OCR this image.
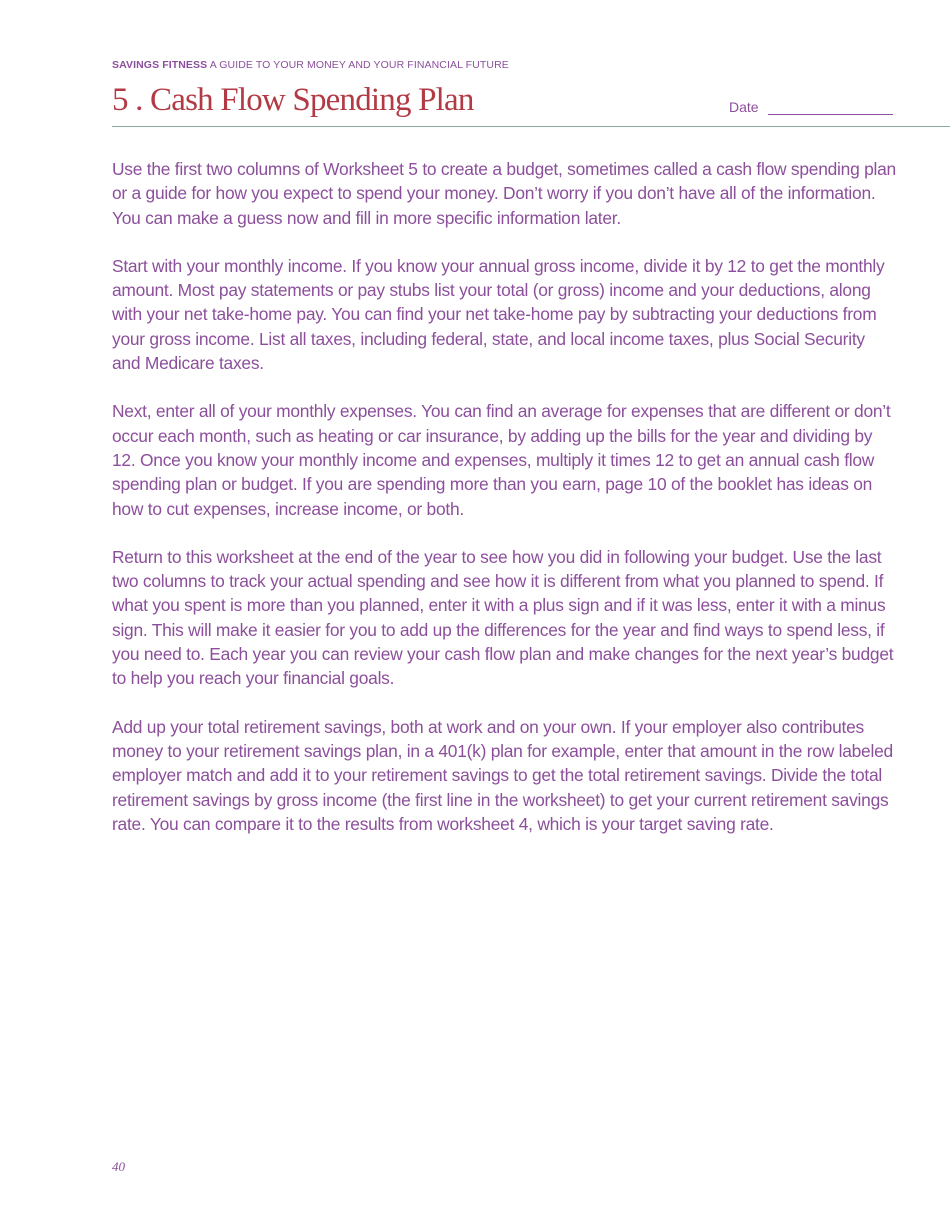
SAVINGS FITNESS A GUIDE TO YOUR MONEY AND YOUR FINANCIAL FUTURE
5 . Cash Flow Spending Plan	Date

Use the first two columns of Worksheet 5 to create a budget, sometimes called a cash flow spending plan or a guide for how you expect to spend your money. Don’t worry if you don’t have all of the information. You can make a guess now and fill in more specific information later.

Start with your monthly income. If you know your annual gross income, divide it by 12 to get the monthly amount. Most pay statements or pay stubs list your total (or gross) income and your deductions, along with your net take-home pay. You can find your net take-home pay by subtracting your deductions from your gross income. List all taxes, including federal, state, and local income taxes, plus Social Security and Medicare taxes.

Next, enter all of your monthly expenses. You can find an average for expenses that are different or don’t occur each month, such as heating or car insurance, by adding up the bills for the year and dividing by 12. Once you know your monthly income and expenses, multiply it times 12 to get an annual cash flow spending plan or budget. If you are spending more than you earn, page 10 of the booklet has ideas on how to cut expenses, increase income, or both.

Return to this worksheet at the end of the year to see how you did in following your budget. Use the last two columns to track your actual spending and see how it is different from what you planned to spend. If what you spent is more than you planned, enter it with a plus sign and if it was less, enter it with a minus sign. This will make it easier for you to add up the differences for the year and find ways to spend less, if you need to. Each year you can review your cash flow plan and make changes for the next year’s budget to help you reach your financial goals.

Add up your total retirement savings, both at work and on your own. If your employer also contributes money to your retirement savings plan, in a 401(k) plan for example, enter that amount in the row labeled employer match and add it to your retirement savings to get the total retirement savings. Divide the total retirement savings by gross income (the first line in the worksheet) to get your current retirement savings rate. You can compare it to the results from worksheet 4, which is your target saving rate.

40
